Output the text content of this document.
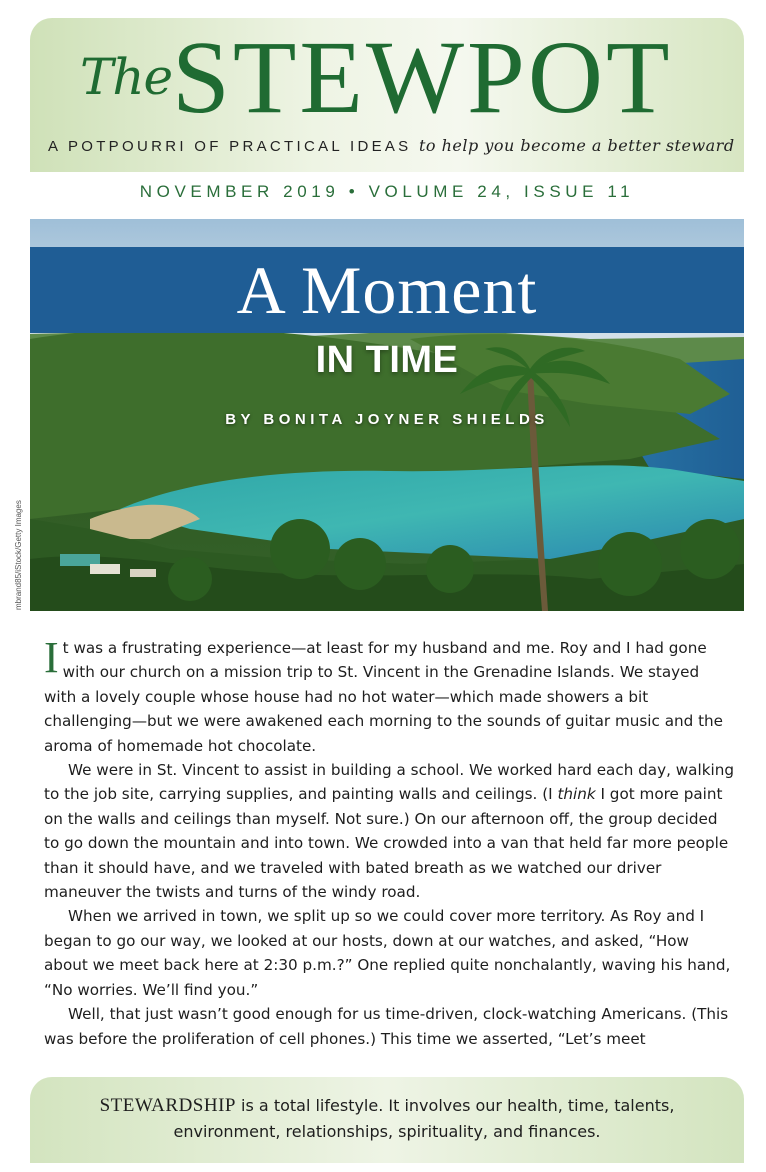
The STEWPOT
A POTPOURRI OF PRACTICAL IDEAS to help you become a better steward
NOVEMBER 2019 • VOLUME 24, ISSUE 11
A Moment
IN TIME
BY BONITA JOYNER SHIELDS
mbrand85/iStock/Getty Images

It was a frustrating experience—at least for my husband and me. Roy and I had gone with our church on a mission trip to St. Vincent in the Grenadine Islands. We stayed with a lovely couple whose house had no hot water—which made showers a bit challenging—but we were awakened each morning to the sounds of guitar music and the aroma of homemade hot chocolate.

We were in St. Vincent to assist in building a school. We worked hard each day, walking to the job site, carrying supplies, and painting walls and ceilings. (I think I got more paint on the walls and ceilings than myself. Not sure.) On our afternoon off, the group decided to go down the mountain and into town. We crowded into a van that held far more people than it should have, and we traveled with bated breath as we watched our driver maneuver the twists and turns of the windy road.

When we arrived in town, we split up so we could cover more territory. As Roy and I began to go our way, we looked at our hosts, down at our watches, and asked, “How about we meet back here at 2:30 p.m.?” One replied quite nonchalantly, waving his hand, “No worries. We’ll find you.”

Well, that just wasn’t good enough for us time-driven, clock-watching Americans. (This was before the proliferation of cell phones.) This time we asserted, “Let’s meet

STEWARDSHIP is a total lifestyle. It involves our health, time, talents,
environment, relationships, spirituality, and finances.
